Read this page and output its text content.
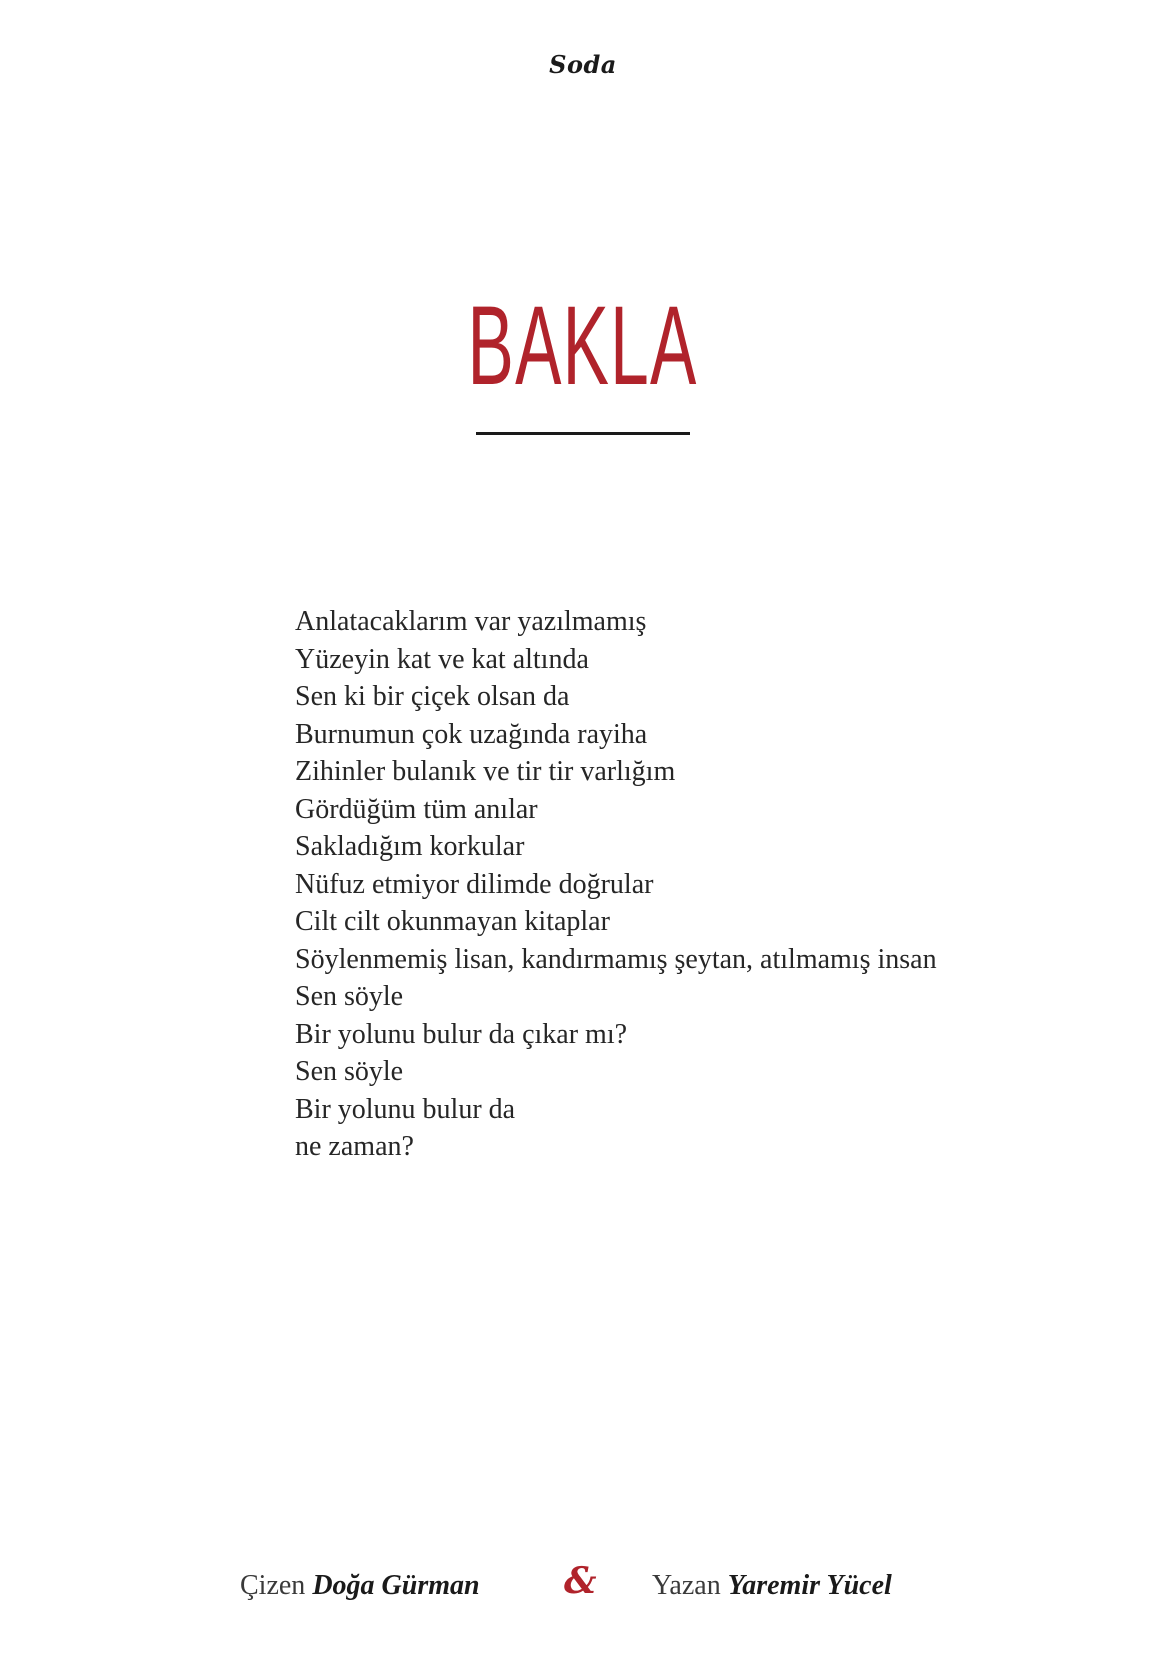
Soda
BAKLA
Anlatacaklarım var yazılmamış
Yüzeyin kat ve kat altında
Sen ki bir çiçek olsan da
Burnumun çok uzağında rayiha
Zihinler bulanık ve tir tir varlığım
Gördüğüm tüm anılar
Sakladığım korkular
Nüfuz etmiyor dilimde doğrular
Cilt cilt okunmayan kitaplar
Söylenmemiş lisan, kandırmamış şeytan, atılmamış insan
Sen söyle
Bir yolunu bulur da çıkar mı?
Sen söyle
Bir yolunu bulur da
ne zaman?
Çizen Doğa Gürman & Yazan Yaremir Yücel
